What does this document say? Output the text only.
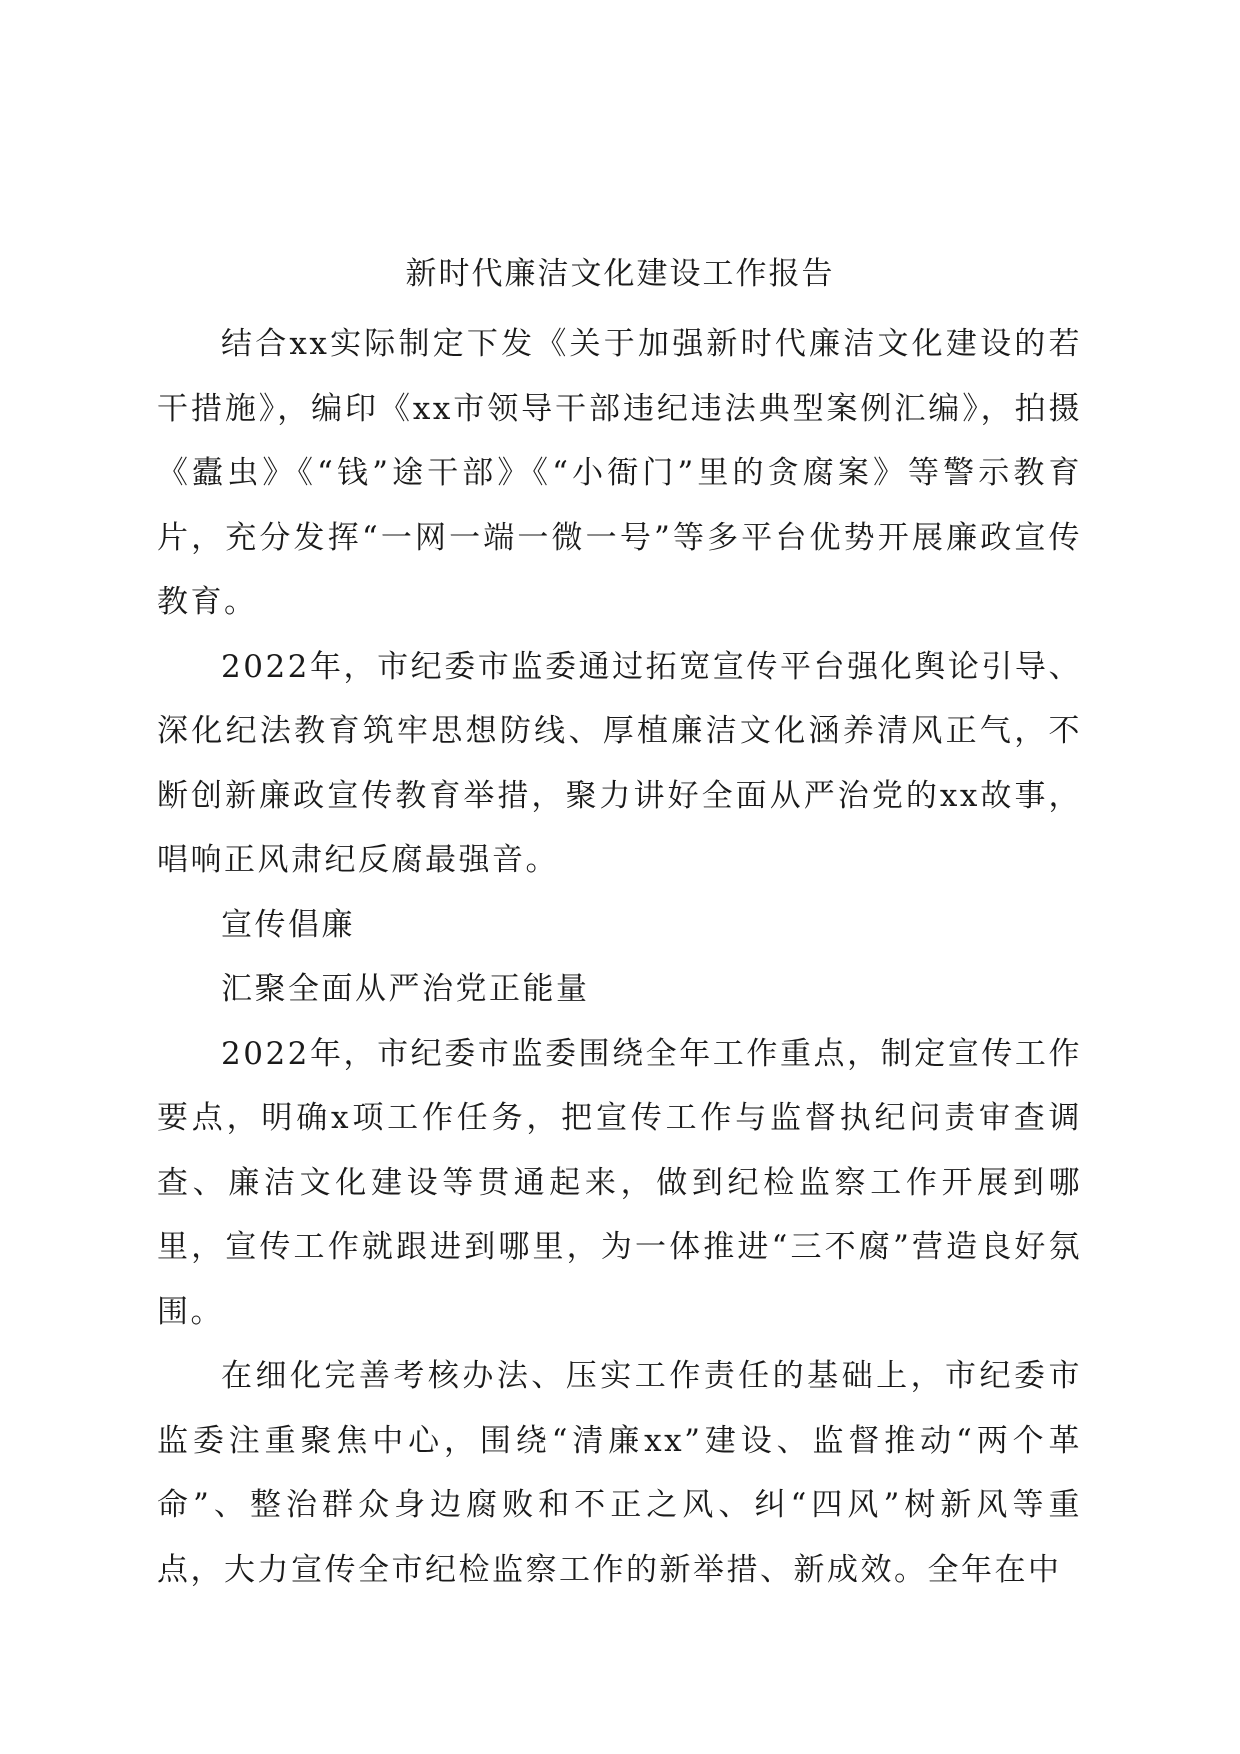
新时代廉洁文化建设工作报告

结合xx实际制定下发《关于加强新时代廉洁文化建设的若干措施》，编印《xx市领导干部违纪违法典型案例汇编》，拍摄《蠹虫》《“钱”途干部》《“小衙门”里的贪腐案》等警示教育片，充分发挥“一网一端一微一号”等多平台优势开展廉政宣传教育。

2022年，市纪委市监委通过拓宽宣传平台强化舆论引导、深化纪法教育筑牢思想防线、厚植廉洁文化涵养清风正气，不断创新廉政宣传教育举措，聚力讲好全面从严治党的xx故事，唱响正风肃纪反腐最强音。

宣传倡廉

汇聚全面从严治党正能量

2022年，市纪委市监委围绕全年工作重点，制定宣传工作要点，明确x项工作任务，把宣传工作与监督执纪问责审查调查、廉洁文化建设等贯通起来，做到纪检监察工作开展到哪里，宣传工作就跟进到哪里，为一体推进“三不腐”营造良好氛围。

在细化完善考核办法、压实工作责任的基础上，市纪委市监委注重聚焦中心，围绕“清廉xx”建设、监督推动“两个革命”、整治群众身边腐败和不正之风、纠“四风”树新风等重点，大力宣传全市纪检监察工作的新举措、新成效。全年在中
